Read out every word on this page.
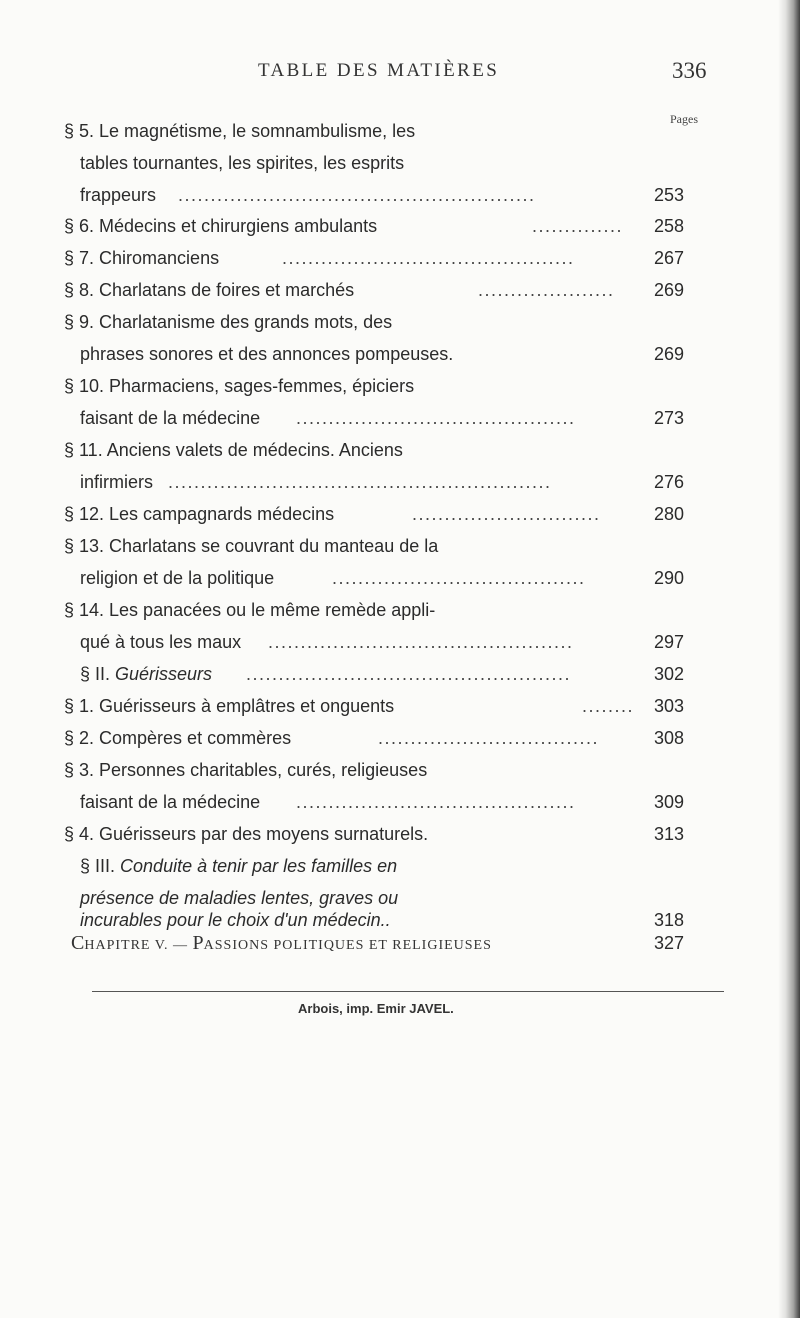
TABLE DES MATIÈRES	336
Pages
§ 5. Le magnétisme, le somnambulisme, les
tables tournantes, les spirites, les esprits
frappeurs .......................................................	253
§ 6. Médecins et chirurgiens ambulants	..............	258
§ 7. Chiromanciens	.............................................	267
§ 8. Charlatans de foires et marchés	.....................	269
§ 9. Charlatanisme des grands mots, des
phrases sonores et des annonces pompeuses.	269
§ 10. Pharmaciens, sages-femmes, épiciers
faisant de la médecine ...........................................	273
§ 11. Anciens valets de médecins. Anciens
infirmiers ...........................................................	276
§ 12. Les campagnards médecins	.............................	280
§ 13. Charlatans se couvrant du manteau de la
religion et de la politique	.......................................	290
§ 14. Les panacées ou le même remède appli-
qué à tous les maux ...............................................	297
§ II. Guérisseurs ..................................................	302
§ 1. Guérisseurs à emplâtres et onguents	........	303
§ 2. Compères et commères	..................................	308
§ 3. Personnes charitables, curés, religieuses
faisant de la médecine ...........................................	309
§ 4. Guérisseurs par des moyens surnaturels.	313
§ III. Conduite à tenir par les familles en
présence de maladies lentes, graves ou
incurables pour le choix d'un médecin..	318
CHAPITRE V. — PASSIONS POLITIQUES ET RELIGIEUSES	327
Arbois, imp. Emir JAVEL.
